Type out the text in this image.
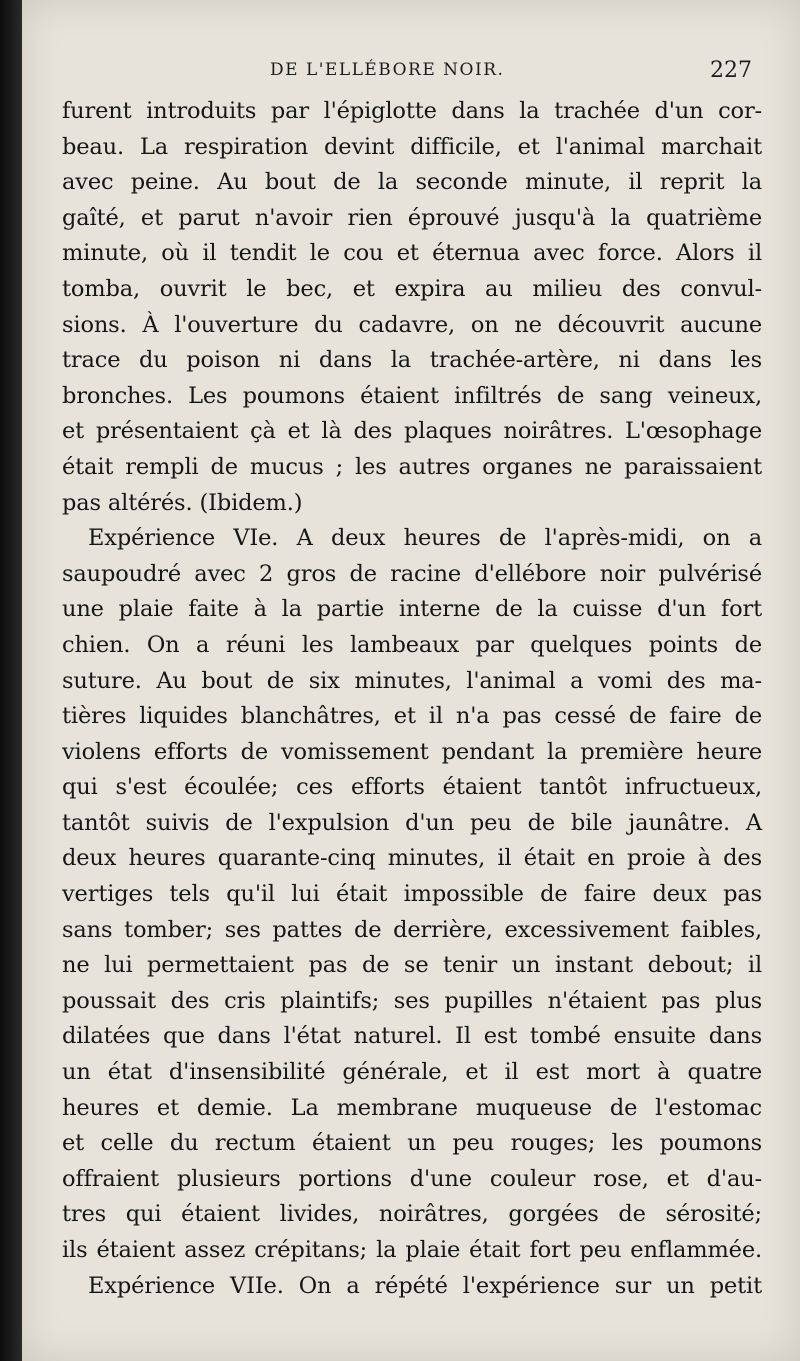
DE L'ELLÉBORE NOIR.	227
furent introduits par l'épiglotte dans la trachée d'un cor-
beau. La respiration devint difficile, et l'animal marchait
avec peine. Au bout de la seconde minute, il reprit la
gaîté, et parut n'avoir rien éprouvé jusqu'à la quatrième
minute, où il tendit le cou et éternua avec force. Alors il
tomba, ouvrit le bec, et expira au milieu des convul-
sions. À l'ouverture du cadavre, on ne découvrit aucune
trace du poison ni dans la trachée-artère, ni dans les
bronches. Les poumons étaient infiltrés de sang veineux,
et présentaient çà et là des plaques noirâtres. L'œsophage
était rempli de mucus ; les autres organes ne paraissaient
pas altérés. (Ibidem.)
Expérience VIe. A deux heures de l'après-midi, on a
saupoudré avec 2 gros de racine d'ellébore noir pulvérisé
une plaie faite à la partie interne de la cuisse d'un fort
chien. On a réuni les lambeaux par quelques points de
suture. Au bout de six minutes, l'animal a vomi des ma-
tières liquides blanchâtres, et il n'a pas cessé de faire de
violens efforts de vomissement pendant la première heure
qui s'est écoulée; ces efforts étaient tantôt infructueux,
tantôt suivis de l'expulsion d'un peu de bile jaunâtre. A
deux heures quarante-cinq minutes, il était en proie à des
vertiges tels qu'il lui était impossible de faire deux pas
sans tomber; ses pattes de derrière, excessivement faibles,
ne lui permettaient pas de se tenir un instant debout; il
poussait des cris plaintifs; ses pupilles n'étaient pas plus
dilatées que dans l'état naturel. Il est tombé ensuite dans
un état d'insensibilité générale, et il est mort à quatre
heures et demie. La membrane muqueuse de l'estomac
et celle du rectum étaient un peu rouges; les poumons
offraient plusieurs portions d'une couleur rose, et d'au-
tres qui étaient livides, noirâtres, gorgées de sérosité;
ils étaient assez crépitans; la plaie était fort peu enflammée.
Expérience VIIe. On a répété l'expérience sur un petit
